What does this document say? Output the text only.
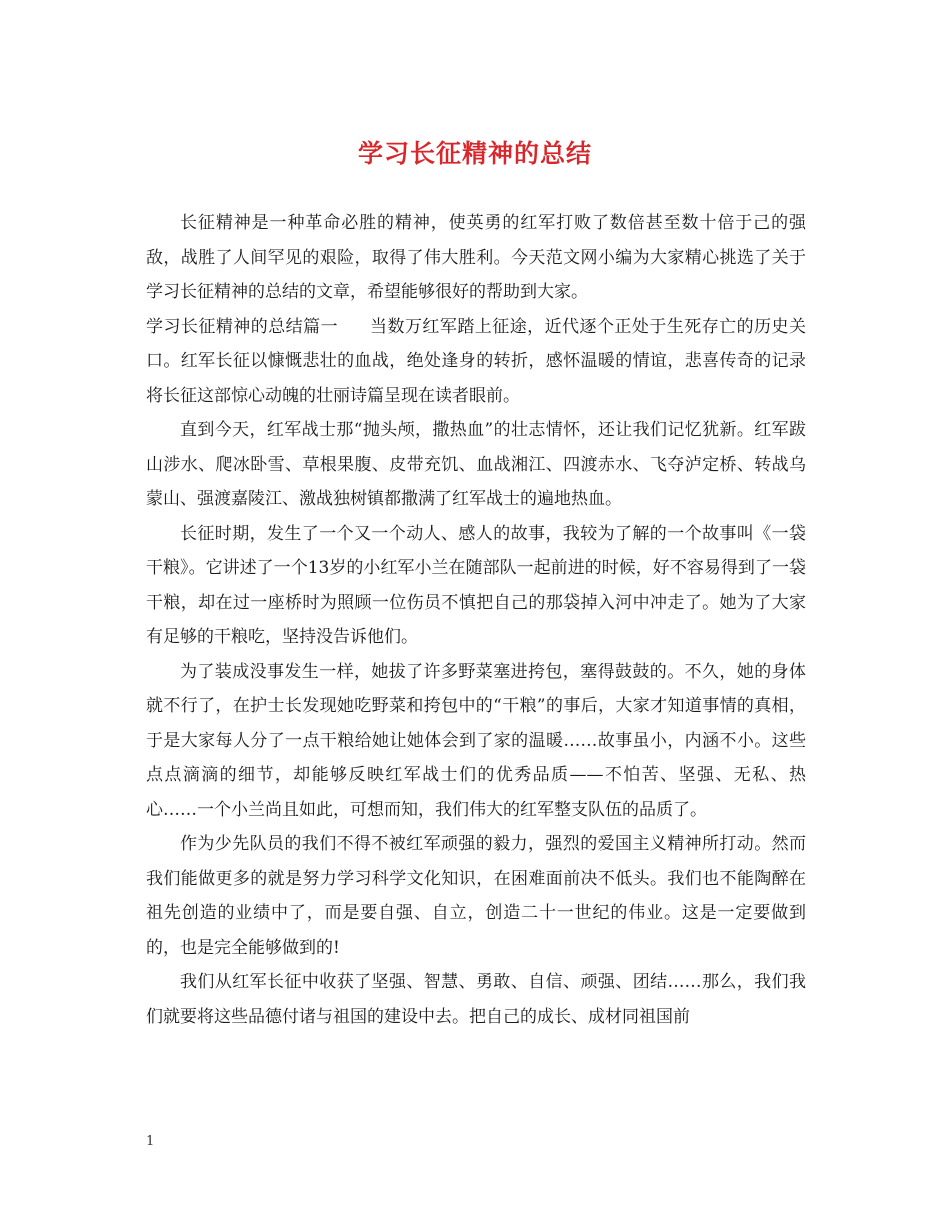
学习长征精神的总结

长征精神是一种革命必胜的精神，使英勇的红军打败了数倍甚至数十倍于己的强敌，战胜了人间罕见的艰险，取得了伟大胜利。今天范文网小编为大家精心挑选了关于学习长征精神的总结的文章，希望能够很好的帮助到大家。

学习长征精神的总结篇一 当数万红军踏上征途，近代逐个正处于生死存亡的历史关口。红军长征以慷慨悲壮的血战，绝处逢身的转折，感怀温暖的情谊，悲喜传奇的记录将长征这部惊心动魄的壮丽诗篇呈现在读者眼前。

直到今天，红军战士那“抛头颅，撒热血”的壮志情怀，还让我们记忆犹新。红军跋山涉水、爬冰卧雪、草根果腹、皮带充饥、血战湘江、四渡赤水、飞夺泸定桥、转战乌蒙山、强渡嘉陵江、激战独树镇都撒满了红军战士的遍地热血。

长征时期，发生了一个又一个动人、感人的故事，我较为了解的一个故事叫《一袋干粮》。它讲述了一个13岁的小红军小兰在随部队一起前进的时候，好不容易得到了一袋干粮，却在过一座桥时为照顾一位伤员不慎把自己的那袋掉入河中冲走了。她为了大家有足够的干粮吃，坚持没告诉他们。

为了装成没事发生一样，她拔了许多野菜塞进挎包，塞得鼓鼓的。不久，她的身体就不行了，在护士长发现她吃野菜和挎包中的“干粮”的事后，大家才知道事情的真相，于是大家每人分了一点干粮给她让她体会到了家的温暖……故事虽小，内涵不小。这些点点滴滴的细节，却能够反映红军战士们的优秀品质——不怕苦、坚强、无私、热心……一个小兰尚且如此，可想而知，我们伟大的红军整支队伍的品质了。

作为少先队员的我们不得不被红军顽强的毅力，强烈的爱国主义精神所打动。然而我们能做更多的就是努力学习科学文化知识，在困难面前决不低头。我们也不能陶醉在祖先创造的业绩中了，而是要自强、自立，创造二十一世纪的伟业。这是一定要做到的，也是完全能够做到的!

我们从红军长征中收获了坚强、智慧、勇敢、自信、顽强、团结……那么，我们我们就要将这些品德付诸与祖国的建设中去。把自己的成长、成材同祖国前

1
